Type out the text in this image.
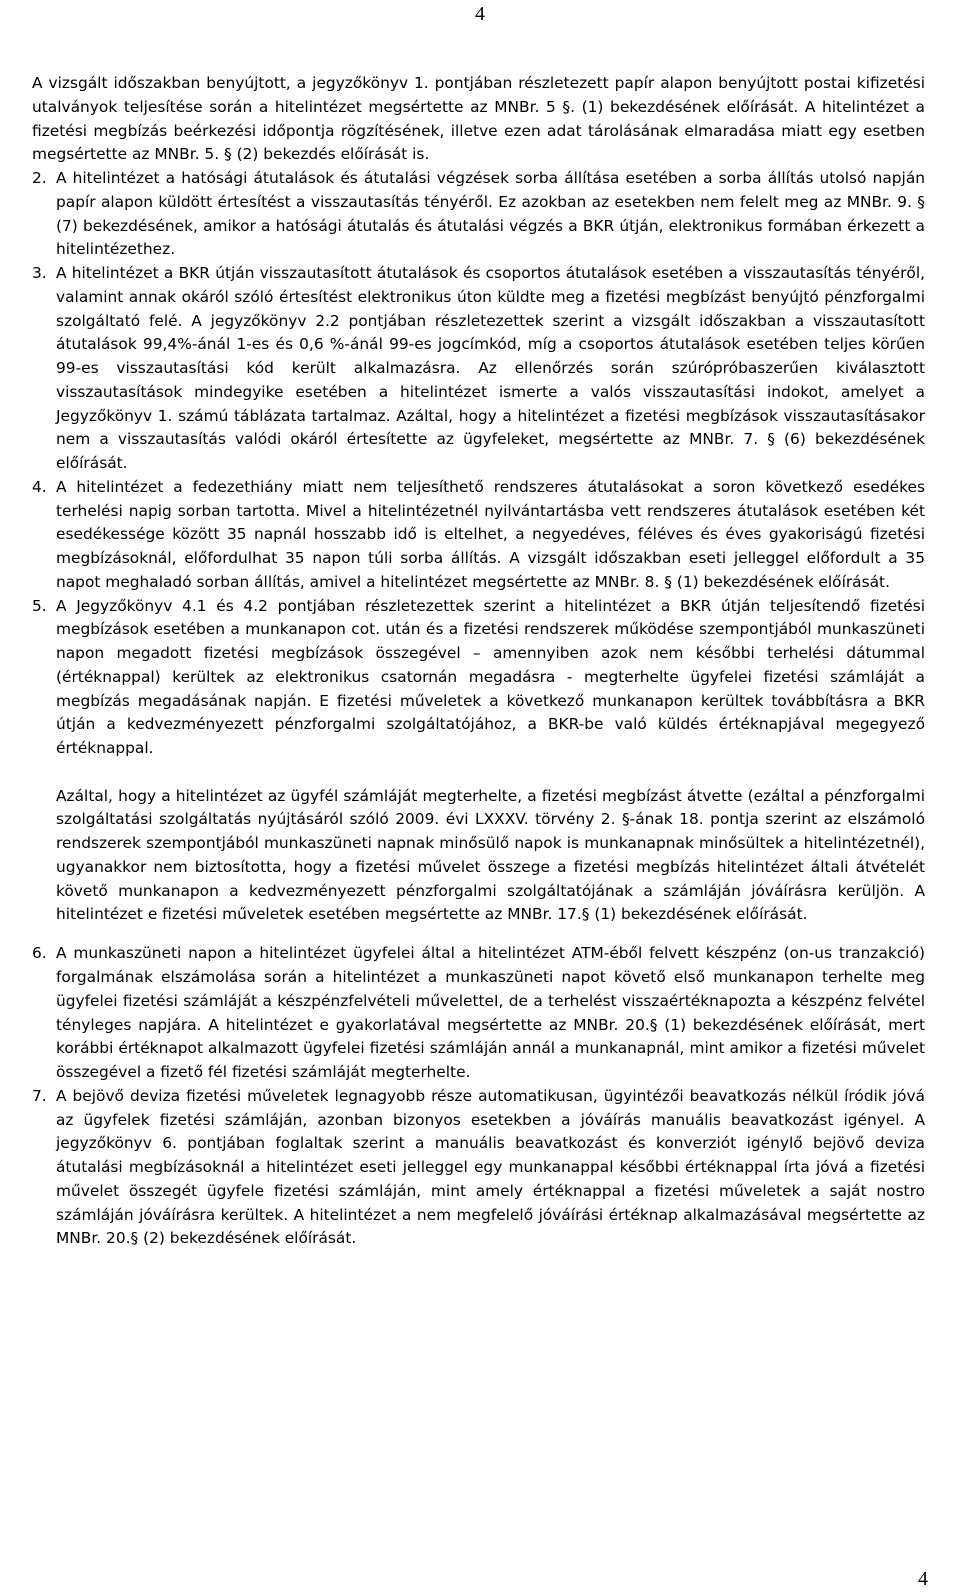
4

A vizsgált időszakban benyújtott, a jegyzőkönyv 1. pontjában részletezett papír alapon benyújtott postai kifizetési utalványok teljesítése során a hitelintézet megsértette az MNBr. 5 §. (1) bekezdésének előírását. A hitelintézet a fizetési megbízás beérkezési időpontja rögzítésének, illetve ezen adat tárolásának elmaradása miatt egy esetben megsértette az MNBr. 5. § (2) bekezdés előírását is.

2. A hitelintézet a hatósági átutalások és átutalási végzések sorba állítása esetében a sorba állítás utolsó napján papír alapon küldött értesítést a visszautasítás tényéről. Ez azokban az esetekben nem felelt meg az MNBr. 9. § (7) bekezdésének, amikor a hatósági átutalás és átutalási végzés a BKR útján, elektronikus formában érkezett a hitelintézethez.

3. A hitelintézet a BKR útján visszautasított átutalások és csoportos átutalások esetében a visszautasítás tényéről, valamint annak okáról szóló értesítést elektronikus úton küldte meg a fizetési megbízást benyújtó pénzforgalmi szolgáltató felé. A jegyzőkönyv 2.2 pontjában részletezettek szerint a vizsgált időszakban a visszautasított átutalások 99,4%-ánál 1-es és 0,6 %-ánál 99-es jogcímkód, míg a csoportos átutalások esetében teljes körűen 99-es visszautasítási kód került alkalmazásra. Az ellenőrzés során szúrópróbaszerűen kiválasztott visszautasítások mindegyike esetében a hitelintézet ismerte a valós visszautasítási indokot, amelyet a Jegyzőkönyv 1. számú táblázata tartalmaz. Azáltal, hogy a hitelintézet a fizetési megbízások visszautasításakor nem a visszautasítás valódi okáról értesítette az ügyfeleket, megsértette az MNBr. 7. § (6) bekezdésének előírását.

4. A hitelintézet a fedezethiány miatt nem teljesíthető rendszeres átutalásokat a soron következő esedékes terhelési napig sorban tartotta. Mivel a hitelintézetnél nyilvántartásba vett rendszeres átutalások esetében két esedékessége között 35 napnál hosszabb idő is eltelhet, a negyedéves, féléves és éves gyakoriságú fizetési megbízásoknál, előfordulhat 35 napon túli sorba állítás. A vizsgált időszakban eseti jelleggel előfordult a 35 napot meghaladó sorban állítás, amivel a hitelintézet megsértette az MNBr. 8. § (1) bekezdésének előírását.

5. A Jegyzőkönyv 4.1 és 4.2 pontjában részletezettek szerint a hitelintézet a BKR útján teljesítendő fizetési megbízások esetében a munkanapon cot. után és a fizetési rendszerek működése szempontjából munkaszüneti napon megadott fizetési megbízások összegével – amennyiben azok nem későbbi terhelési dátummal (értéknappal) kerültek az elektronikus csatornán megadásra - megterhelte ügyfelei fizetési számláját a megbízás megadásának napján. E fizetési műveletek a következő munkanapon kerültek továbbításra a BKR útján a kedvezményezett pénzforgalmi szolgáltatójához, a BKR-be való küldés értéknapjával megegyező értéknappal.

Azáltal, hogy a hitelintézet az ügyfél számláját megterhelte, a fizetési megbízást átvette (ezáltal a pénzforgalmi szolgáltatási szolgáltatás nyújtásáról szóló 2009. évi LXXXV. törvény 2. §-ának 18. pontja szerint az elszámoló rendszerek szempontjából munkaszüneti napnak minősülő napok is munkanapnak minősültek a hitelintézetnél), ugyanakkor nem biztosította, hogy a fizetési művelet összege a fizetési megbízás hitelintézet általi átvételét követő munkanapon a kedvezményezett pénzforgalmi szolgáltatójának a számláján jóváírásra kerüljön. A hitelintézet e fizetési műveletek esetében megsértette az MNBr. 17.§ (1) bekezdésének előírását.

6. A munkaszüneti napon a hitelintézet ügyfelei által a hitelintézet ATM-éből felvett készpénz (on-us tranzakció) forgalmának elszámolása során a hitelintézet a munkaszüneti napot követő első munkanapon terhelte meg ügyfelei fizetési számláját a készpénzfelvételi műveletteI, de a terhelést visszaértéknapozta a készpénz felvétel tényleges napjára. A hitelintézet e gyakorlatával megsértette az MNBr. 20.§ (1) bekezdésének előírását, mert korábbi értéknapot alkalmazott ügyfelei fizetési számláján annál a munkanapnál, mint amikor a fizetési művelet összegével a fizető fél fizetési számláját megterhelte.

7. A bejövő deviza fizetési műveletek legnagyobb része automatikusan, ügyintézői beavatkozás nélkül íródik jóvá az ügyfelek fizetési számláján, azonban bizonyos esetekben a jóváírás manuális beavatkozást igényel. A jegyzőkönyv 6. pontjában foglaltak szerint a manuális beavatkozást és konverziót igénylő bejövő deviza átutalási megbízásoknál a hitelintézet eseti jelleggel egy munkanappal későbbi értéknappal írta jóvá a fizetési művelet összegét ügyfele fizetési számláján, mint amely értéknappal a fizetési műveletek a saját nostro számláján jóváírásra kerültek. A hitelintézet a nem megfelelő jóváírási értéknap alkalmazásával megsértette az MNBr. 20.§ (2) bekezdésének előírását.

4
